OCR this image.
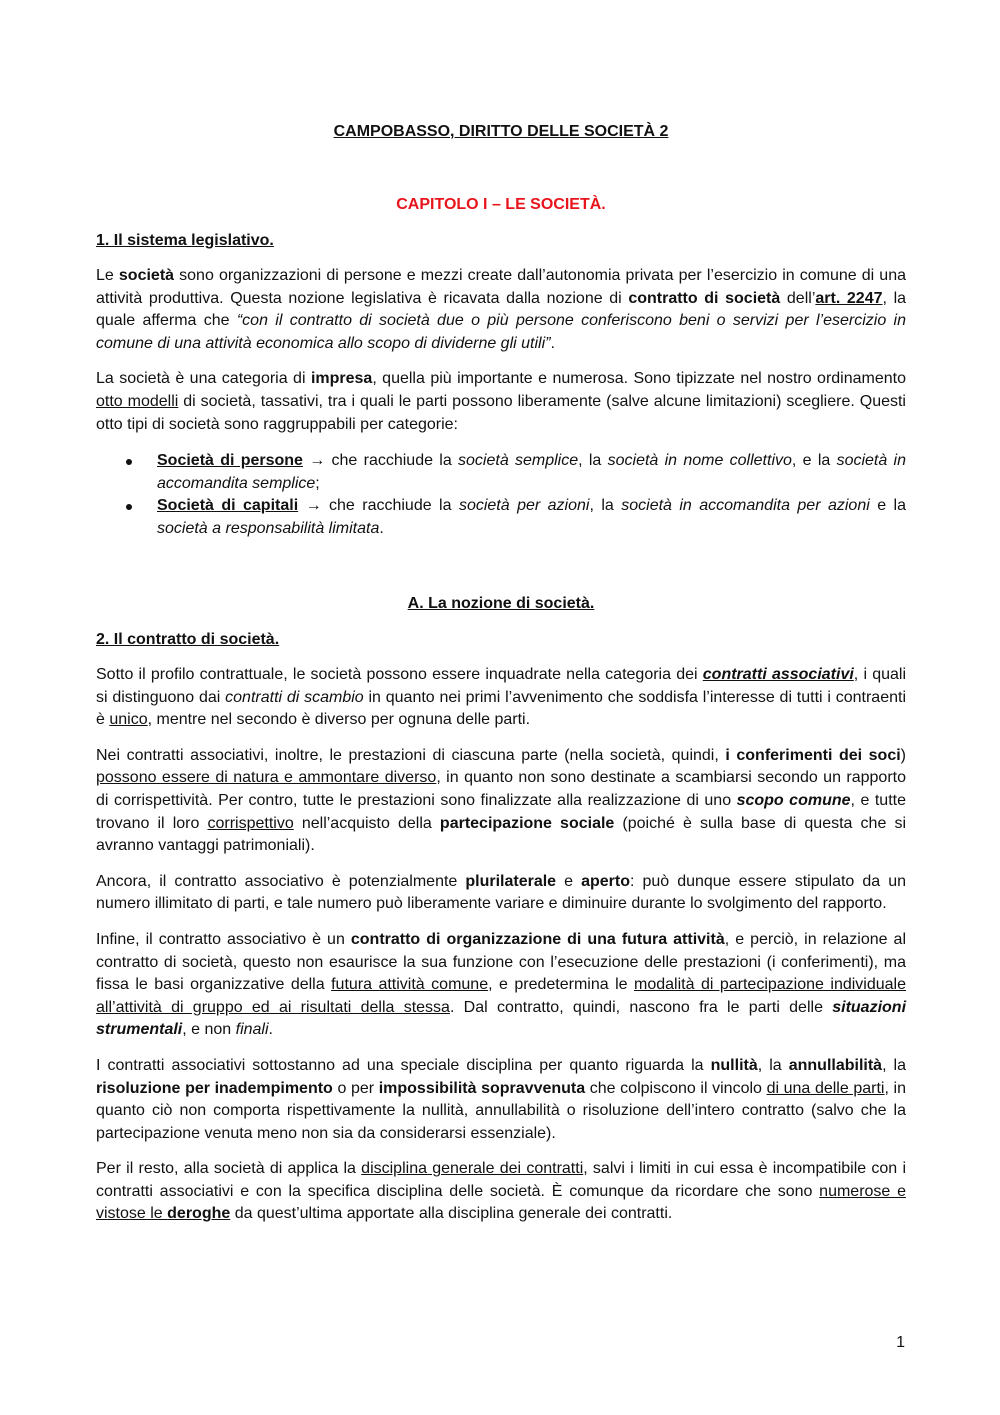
CAMPOBASSO, DIRITTO DELLE SOCIETÀ 2
CAPITOLO I – LE SOCIETÀ.
1. Il sistema legislativo.

Le società sono organizzazioni di persone e mezzi create dall’autonomia privata per l’esercizio in comune di una attività produttiva. Questa nozione legislativa è ricavata dalla nozione di contratto di società dell’art. 2247, la quale afferma che “con il contratto di società due o più persone conferiscono beni o servizi per l’esercizio in comune di una attività economica allo scopo di dividerne gli utili”.

La società è una categoria di impresa, quella più importante e numerosa. Sono tipizzate nel nostro ordinamento otto modelli di società, tassativi, tra i quali le parti possono liberamente (salve alcune limitazioni) scegliere. Questi otto tipi di società sono raggruppabili per categorie:

Società di persone → che racchiude la società semplice, la società in nome collettivo, e la società in accomandita semplice;
Società di capitali → che racchiude la società per azioni, la società in accomandita per azioni e la società a responsabilità limitata.
A. La nozione di società.
2. Il contratto di società.

Sotto il profilo contrattuale, le società possono essere inquadrate nella categoria dei contratti associativi, i quali si distinguono dai contratti di scambio in quanto nei primi l’avvenimento che soddisfa l’interesse di tutti i contraenti è unico, mentre nel secondo è diverso per ognuna delle parti.

Nei contratti associativi, inoltre, le prestazioni di ciascuna parte (nella società, quindi, i conferimenti dei soci) possono essere di natura e ammontare diverso, in quanto non sono destinate a scambiarsi secondo un rapporto di corrispettività. Per contro, tutte le prestazioni sono finalizzate alla realizzazione di uno scopo comune, e tutte trovano il loro corrispettivo nell’acquisto della partecipazione sociale (poiché è sulla base di questa che si avranno vantaggi patrimoniali).

Ancora, il contratto associativo è potenzialmente plurilaterale e aperto: può dunque essere stipulato da un numero illimitato di parti, e tale numero può liberamente variare e diminuire durante lo svolgimento del rapporto.

Infine, il contratto associativo è un contratto di organizzazione di una futura attività, e perciò, in relazione al contratto di società, questo non esaurisce la sua funzione con l’esecuzione delle prestazioni (i conferimenti), ma fissa le basi organizzative della futura attività comune, e predetermina le modalità di partecipazione individuale all’attività di gruppo ed ai risultati della stessa. Dal contratto, quindi, nascono fra le parti delle situazioni strumentali, e non finali.

I contratti associativi sottostanno ad una speciale disciplina per quanto riguarda la nullità, la annullabilità, la risoluzione per inadempimento o per impossibilità sopravvenuta che colpiscono il vincolo di una delle parti, in quanto ciò non comporta rispettivamente la nullità, annullabilità o risoluzione dell’intero contratto (salvo che la partecipazione venuta meno non sia da considerarsi essenziale).

Per il resto, alla società di applica la disciplina generale dei contratti, salvi i limiti in cui essa è incompatibile con i contratti associativi e con la specifica disciplina delle società. È comunque da ricordare che sono numerose e vistose le deroghe da quest’ultima apportate alla disciplina generale dei contratti.

1
